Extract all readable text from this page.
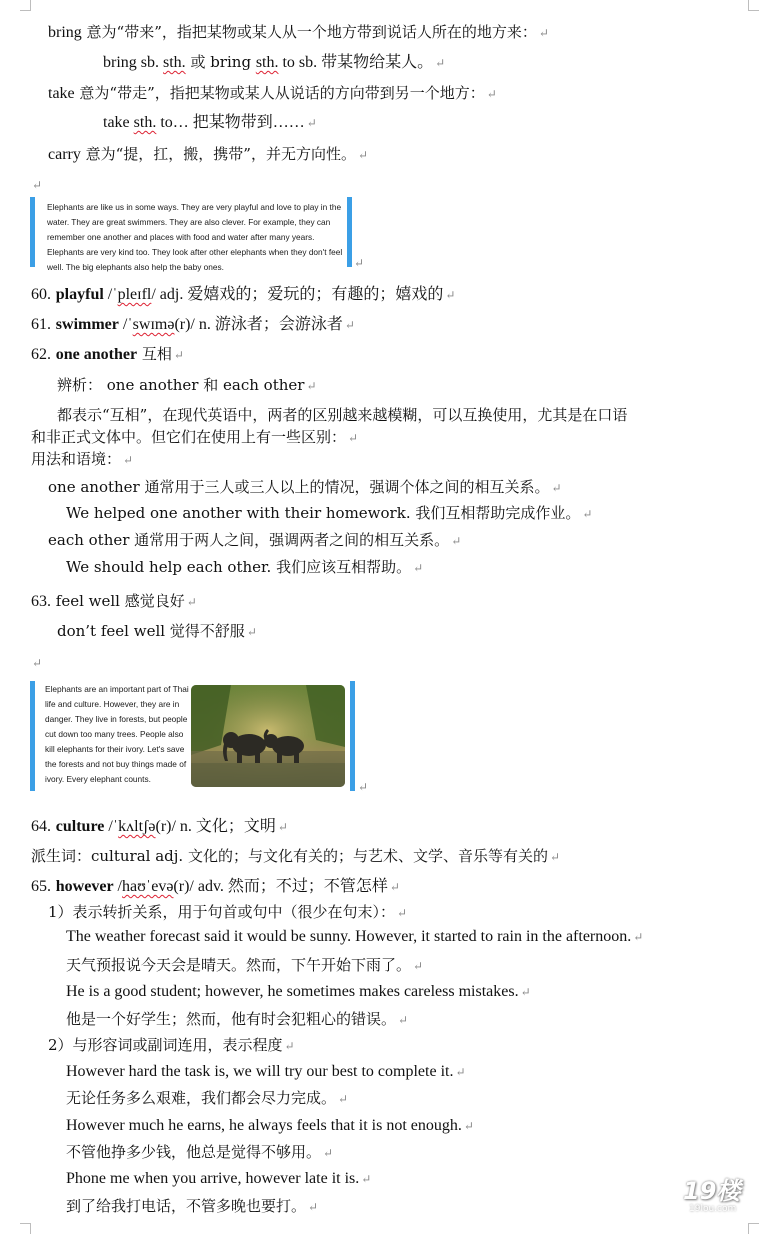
bring 意为“带来”，指把某物或某人从一个地方带到说话人所在的地方来： ↵
bring sb. sth. 或 bring sth. to sb. 带某物给某人。 ↵
take 意为“带走”，指把某物或某人从说话的方向带到另一个地方： ↵
take sth. to… 把某物带到…… ↵
carry 意为“提，扛，搬，携带”，并无方向性。 ↵
↵
Elephants are like us in some ways. They are very playful and love to play in the water. They are great swimmers. They are also clever. For example, they can remember one another and places with food and water after many years. Elephants are very kind too. They look after other elephants when they don't feel well. The big elephants also help the baby ones.	↵
60. playful /ˈpleɪfl/ adj. 爱嬉戏的；爱玩的；有趣的；嬉戏的 ↵
61. swimmer /ˈswɪmə(r)/ n. 游泳者；会游泳者 ↵
62. one another 互相 ↵
辨析： one another 和 each other ↵
都表示“互相”，在现代英语中，两者的区别越来越模糊，可以互换使用，尤其是在口语
和非正式文体中。但它们在使用上有一些区别： ↵
用法和语境： ↵
one another 通常用于三人或三人以上的情况，强调个体之间的相互关系。 ↵
We helped one another with their homework. 我们互相帮助完成作业。 ↵
each other 通常用于两人之间，强调两者之间的相互关系。 ↵
We should help each other. 我们应该互相帮助。 ↵
63. feel well 感觉良好 ↵
don’t feel well 觉得不舒服 ↵
↵
Elephants are an important part of Thai life and culture. However, they are in danger. They live in forests, but people cut down too many trees. People also kill elephants for their ivory. Let's save the forests and not buy things made of ivory. Every elephant counts.
↵
64. culture /ˈkʌltʃə(r)/ n. 文化；文明 ↵
派生词：cultural adj. 文化的；与文化有关的；与艺术、文学、音乐等有关的 ↵
65. however /haʊˈevə(r)/ adv. 然而；不过；不管怎样 ↵
1）表示转折关系，用于句首或句中（很少在句末）： ↵
The weather forecast said it would be sunny. However, it started to rain in the afternoon. ↵
天气预报说今天会是晴天。然而，下午开始下雨了。 ↵
He is a good student; however, he sometimes makes careless mistakes. ↵
他是一个好学生；然而，他有时会犯粗心的错误。 ↵
2）与形容词或副词连用，表示程度 ↵
However hard the task is, we will try our best to complete it. ↵
无论任务多么艰难，我们都会尽力完成。 ↵
However much he earns, he always feels that it is not enough. ↵
不管他挣多少钱，他总是觉得不够用。 ↵
Phone me when you arrive, however late it is. ↵
到了给我打电话，不管多晚也要打。 ↵
19楼
19lou.com
